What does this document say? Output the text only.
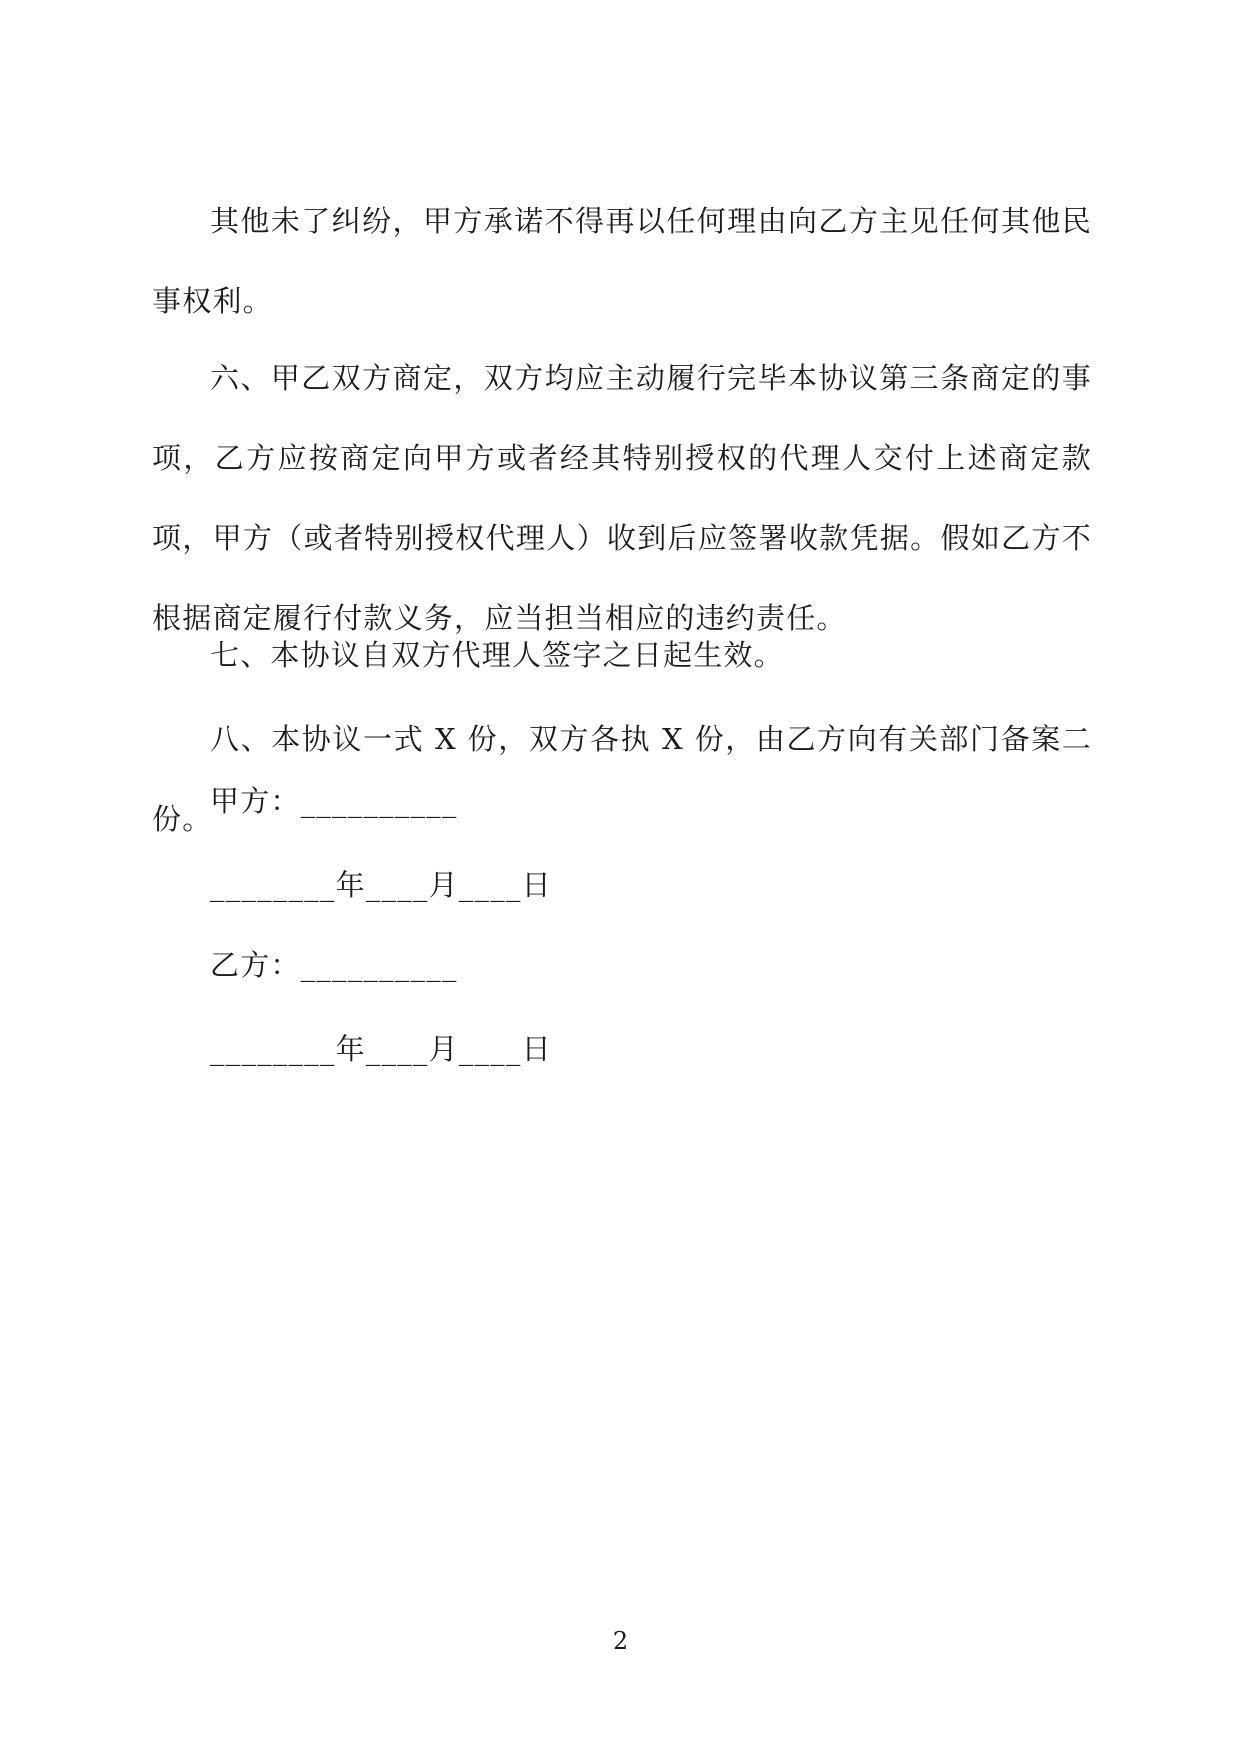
其他未了纠纷，甲方承诺不得再以任何理由向乙方主见任何其他民事权利。

六、甲乙双方商定，双方均应主动履行完毕本协议第三条商定的事项，乙方应按商定向甲方或者经其特别授权的代理人交付上述商定款项，甲方（或者特别授权代理人）收到后应签署收款凭据。假如乙方不根据商定履行付款义务，应当担当相应的违约责任。

七、本协议自双方代理人签字之日起生效。

八、本协议一式 X 份，双方各执 X 份，由乙方向有关部门备案二份。

甲方：__________
________年____月____日
乙方：__________
________年____月____日
2
